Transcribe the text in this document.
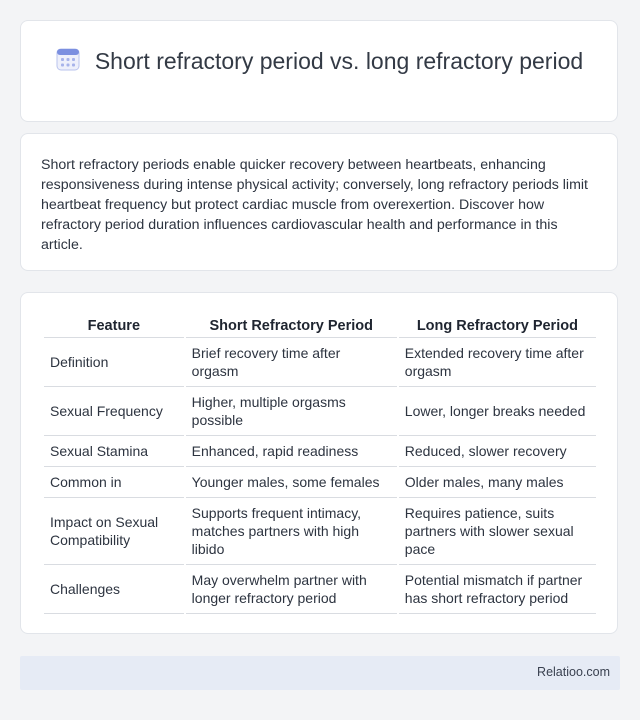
Short refractory period vs. long refractory period

Short refractory periods enable quicker recovery between heartbeats, enhancing responsiveness during intense physical activity; conversely, long refractory periods limit heartbeat frequency but protect cardiac muscle from overexertion. Discover how refractory period duration influences cardiovascular health and performance in this article.

Feature	Short Refractory Period	Long Refractory Period
Definition	Brief recovery time after orgasm	Extended recovery time after orgasm
Sexual Frequency	Higher, multiple orgasms possible	Lower, longer breaks needed
Sexual Stamina	Enhanced, rapid readiness	Reduced, slower recovery
Common in	Younger males, some females	Older males, many males
Impact on Sexual Compatibility	Supports frequent intimacy, matches partners with high libido	Requires patience, suits partners with slower sexual pace
Challenges	May overwhelm partner with longer refractory period	Potential mismatch if partner has short refractory period
Relatioo.com
